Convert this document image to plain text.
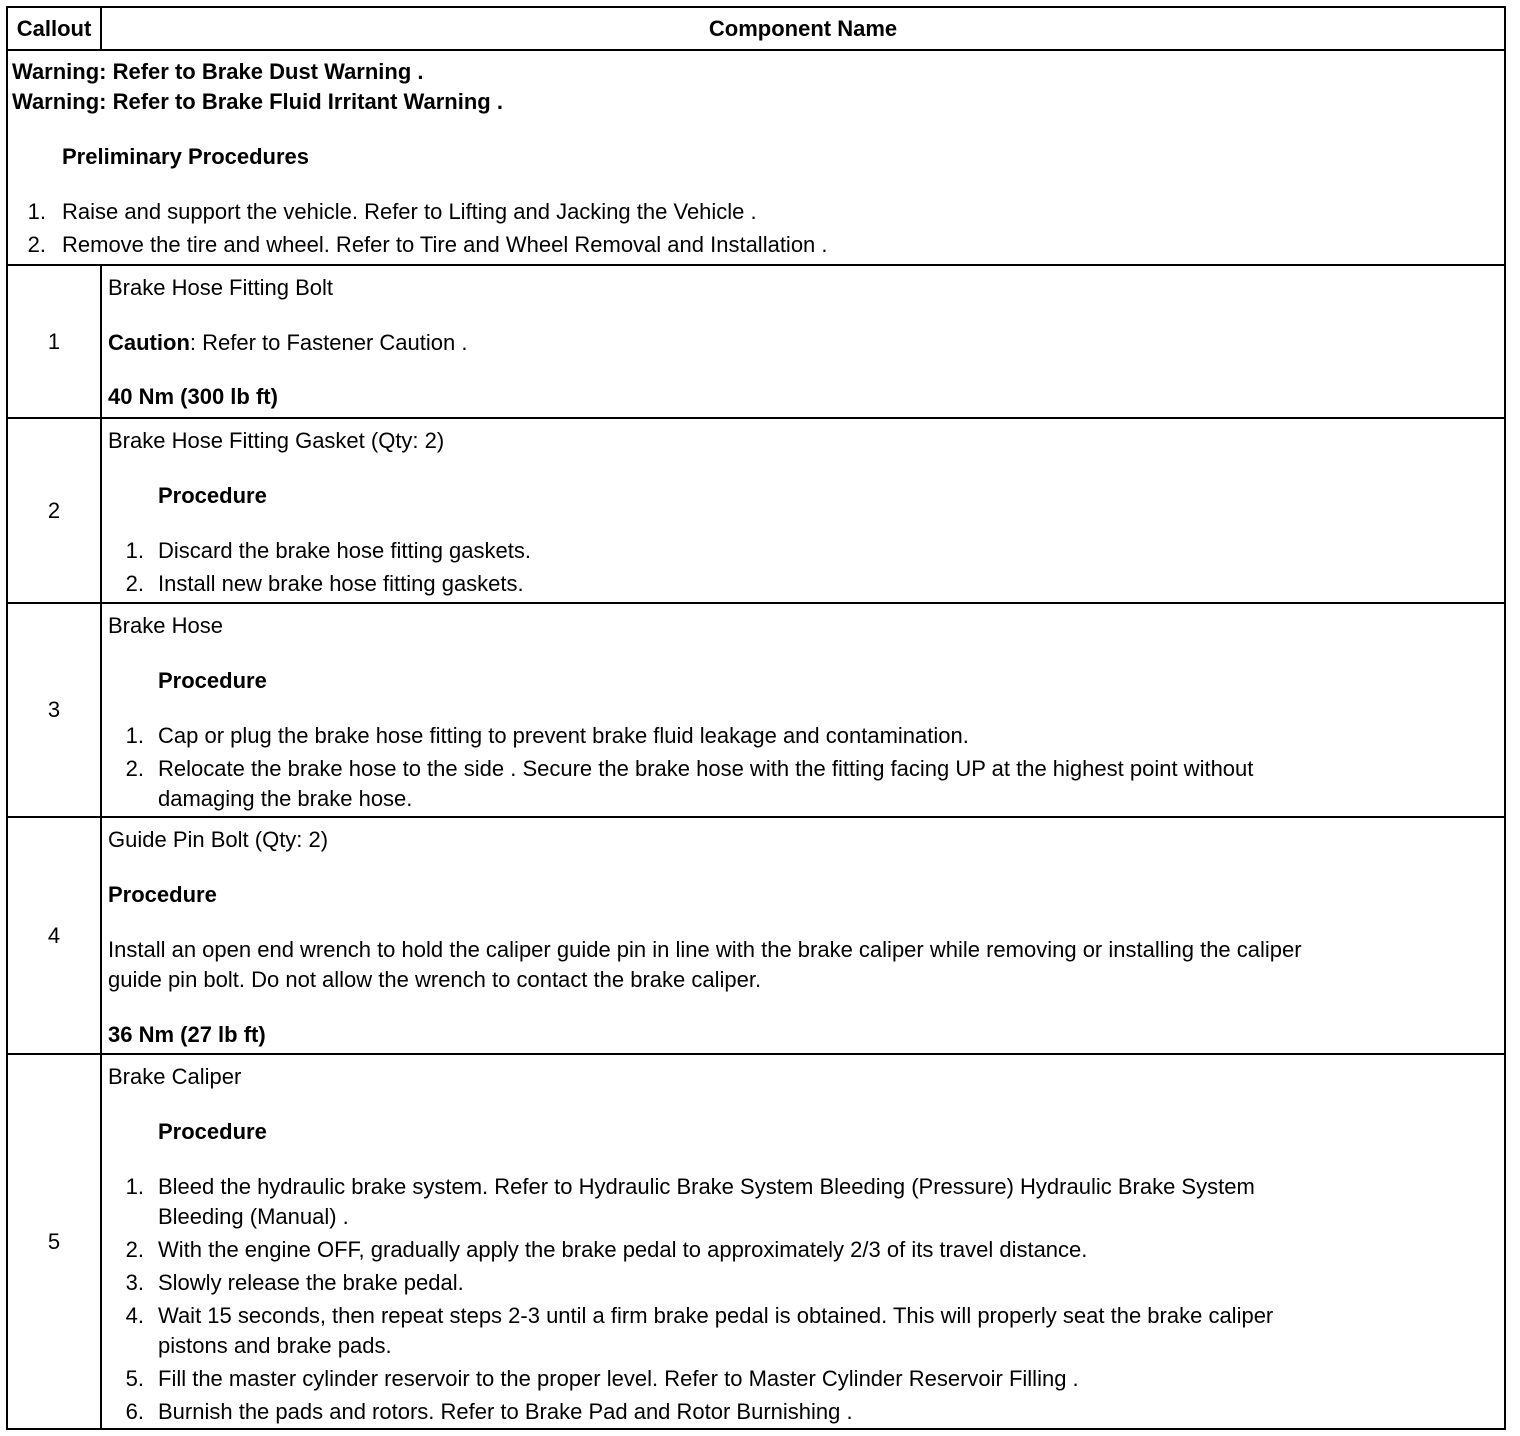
Callout	Component Name
Warning: Refer to Brake Dust Warning .
Warning: Refer to Brake Fluid Irritant Warning .
Preliminary Procedures
1. Raise and support the vehicle. Refer to Lifting and Jacking the Vehicle .
2. Remove the tire and wheel. Refer to Tire and Wheel Removal and Installation .
1
Brake Hose Fitting Bolt
Caution: Refer to Fastener Caution .
40 Nm (300 lb ft)
2
Brake Hose Fitting Gasket (Qty: 2)
Procedure
1. Discard the brake hose fitting gaskets.
2. Install new brake hose fitting gaskets.
3
Brake Hose
Procedure
1. Cap or plug the brake hose fitting to prevent brake fluid leakage and contamination.
2. Relocate the brake hose to the side . Secure the brake hose with the fitting facing UP at the highest point without
damaging the brake hose.
4
Guide Pin Bolt (Qty: 2)
Procedure
Install an open end wrench to hold the caliper guide pin in line with the brake caliper while removing or installing the caliper
guide pin bolt. Do not allow the wrench to contact the brake caliper.
36 Nm (27 lb ft)
5
Brake Caliper
Procedure
1. Bleed the hydraulic brake system. Refer to Hydraulic Brake System Bleeding (Pressure) Hydraulic Brake System
Bleeding (Manual) .
2. With the engine OFF, gradually apply the brake pedal to approximately 2/3 of its travel distance.
3. Slowly release the brake pedal.
4. Wait 15 seconds, then repeat steps 2-3 until a firm brake pedal is obtained. This will properly seat the brake caliper
pistons and brake pads.
5. Fill the master cylinder reservoir to the proper level. Refer to Master Cylinder Reservoir Filling .
6. Burnish the pads and rotors. Refer to Brake Pad and Rotor Burnishing .
